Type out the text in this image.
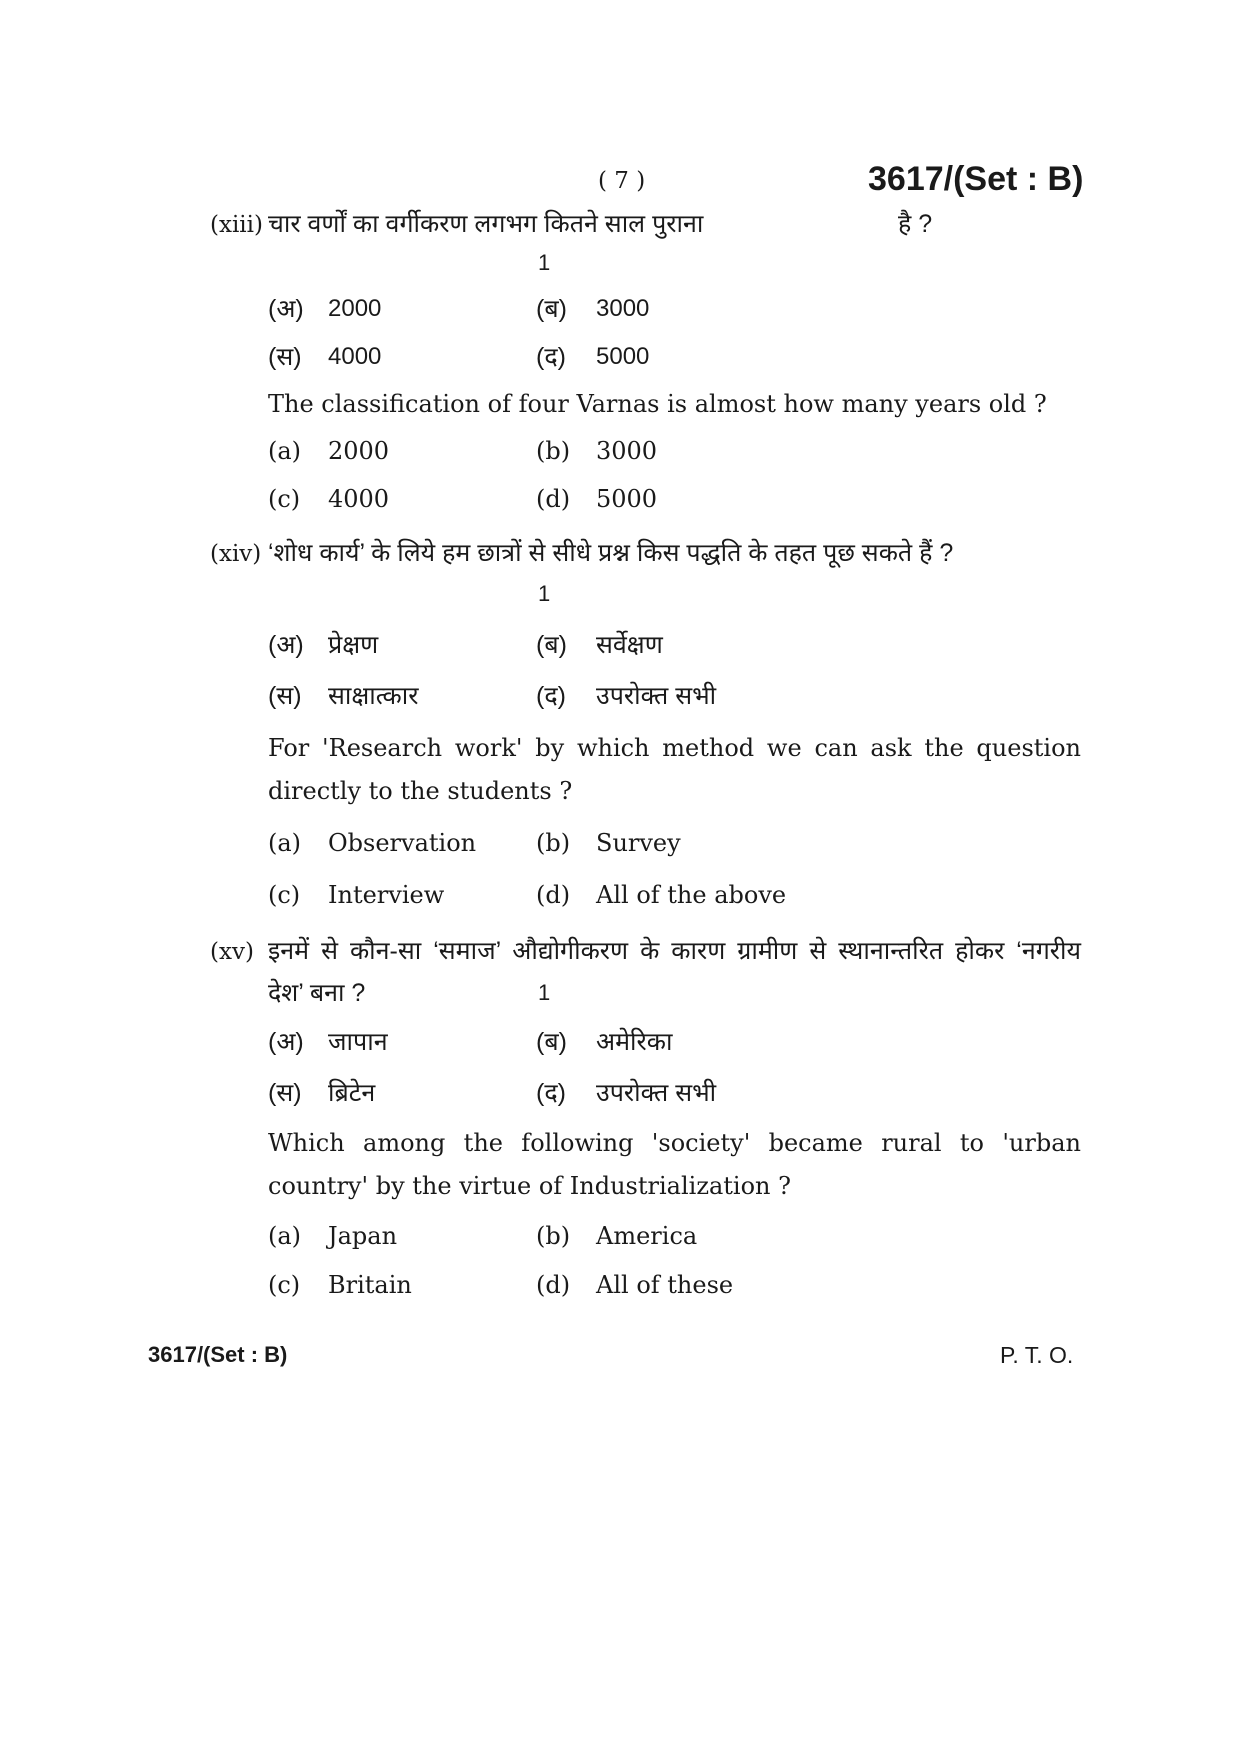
( 7 )	3617/(Set : B)
(xiii) चार वर्णों का वर्गीकरण लगभग कितने साल पुराना	है ?
1
(अ) 2000	(ब) 3000
(स) 4000	(द) 5000
The classification of four Varnas is almost how many years old ?
(a) 2000	(b) 3000
(c) 4000	(d) 5000
(xiv) ‘शोध कार्य’ के लिये हम छात्रों से सीधे प्रश्न किस पद्धति के तहत पूछ सकते हैं ?
1
(अ) प्रेक्षण	(ब) सर्वेक्षण
(स) साक्षात्कार	(द) उपरोक्त सभी
For 'Research work' by which method we can ask the question
directly to the students ?
(a) Observation (b) Survey
(c) Interview	(d) All of the above
(xv) इनमें से कौन-सा ‘समाज’ औद्योगीकरण के कारण ग्रामीण से स्थानान्तरित होकर ‘नगरीय
देश’ बना ?	1
(अ) जापान	(ब) अमेरिका
(स) ब्रिटेन	(द) उपरोक्त सभी
Which among the following 'society' became rural to 'urban
country' by the virtue of Industrialization ?
(a) Japan	(b) America
(c) Britain	(d) All of these
3617/(Set : B)	P. T. O.
